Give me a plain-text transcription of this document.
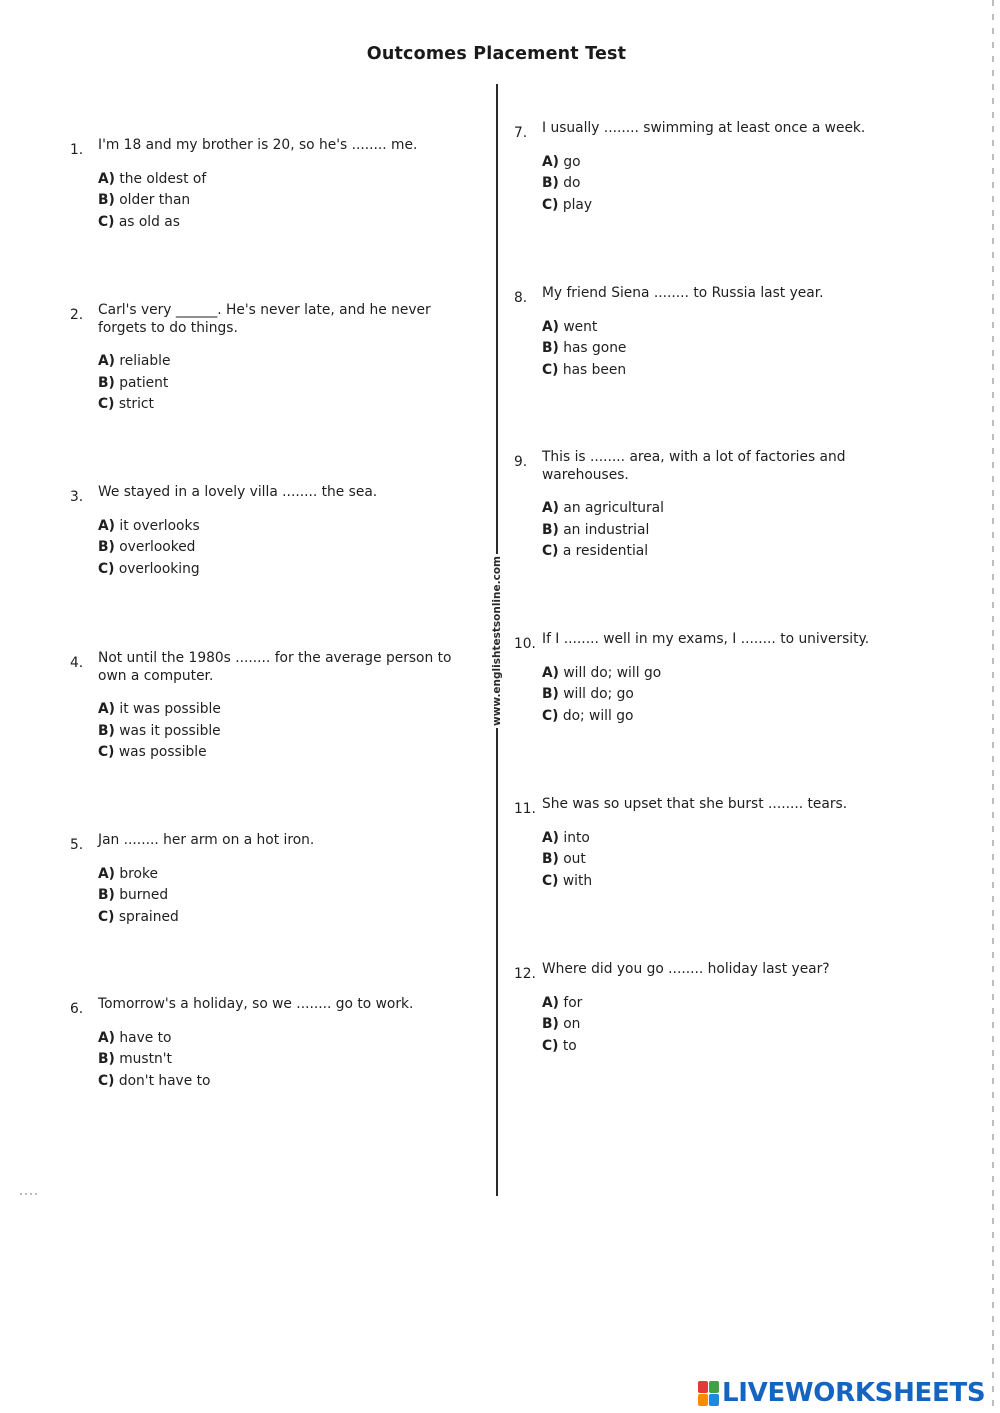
Outcomes Placement Test
www.englishtestsonline.com
1. I'm 18 and my brother is 20, so he's ........ me.
A) the oldest of
B) older than
C) as old as
2. Carl's very ______. He's never late, and he never forgets to do things.
A) reliable
B) patient
C) strict
3. We stayed in a lovely villa ........ the sea.
A) it overlooks
B) overlooked
C) overlooking
4. Not until the 1980s ........ for the average person to own a computer.
A) it was possible
B) was it possible
C) was possible
5. Jan ........ her arm on a hot iron.
A) broke
B) burned
C) sprained
6. Tomorrow's a holiday, so we ........ go to work.
A) have to
B) mustn't
C) don't have to
7. I usually ........ swimming at least once a week.
A) go
B) do
C) play
8. My friend Siena ........ to Russia last year.
A) went
B) has gone
C) has been
9. This is ........ area, with a lot of factories and warehouses.
A) an agricultural
B) an industrial
C) a residential
10. If I ........ well in my exams, I ........ to university.
A) will do; will go
B) will do; go
C) do; will go
11. She was so upset that she burst ........ tears.
A) into
B) out
C) with
12. Where did you go ........ holiday last year?
A) for
B) on
C) to
LIVEWORKSHEETS
